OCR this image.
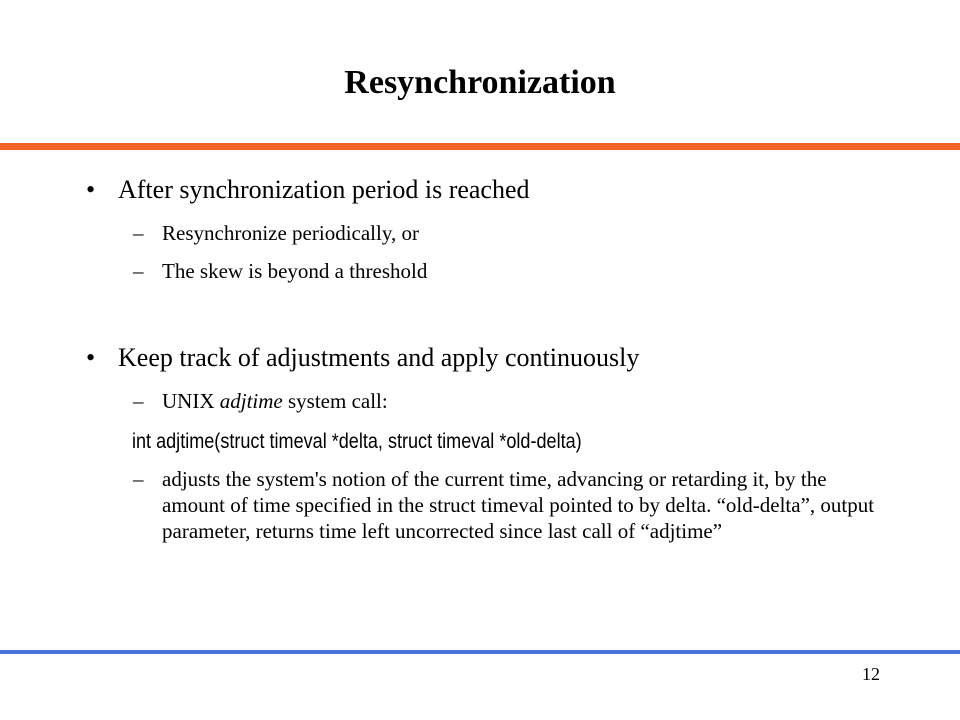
Resynchronization
• After synchronization period is reached
– Resynchronize periodically, or
– The skew is beyond a threshold
• Keep track of adjustments and apply continuously
– UNIX adjtime system call:
int adjtime(struct timeval *delta, struct timeval *old-delta)
– adjusts the system's notion of the current time, advancing or retarding it, by the amount of time specified in the struct timeval pointed to by delta. “old-delta”, output parameter, returns time left uncorrected since last call of “adjtime”
12
